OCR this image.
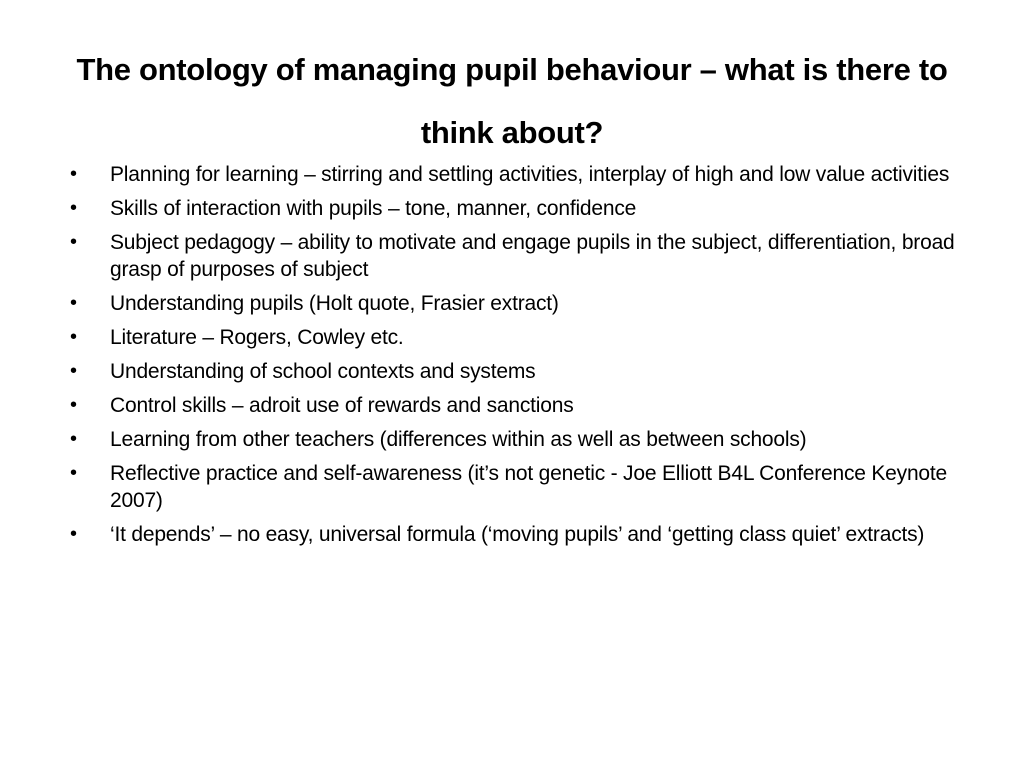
The ontology of managing pupil behaviour – what is there to think about?
•	Planning for learning – stirring and settling activities, interplay of high and low value activities
•	Skills of interaction with pupils – tone, manner, confidence
•	Subject pedagogy – ability to motivate and engage pupils in the subject, differentiation, broad grasp of purposes of subject
•	Understanding pupils (Holt quote, Frasier extract)
•	Literature – Rogers, Cowley etc.
•	Understanding of school contexts and systems
•	Control skills – adroit use of rewards and sanctions
•	Learning from other teachers (differences within as well as between schools)
•	Reflective practice and self-awareness (it’s not genetic - Joe Elliott B4L Conference Keynote 2007)
•	‘It depends’ – no easy, universal formula (‘moving pupils’ and ‘getting class quiet’ extracts)
